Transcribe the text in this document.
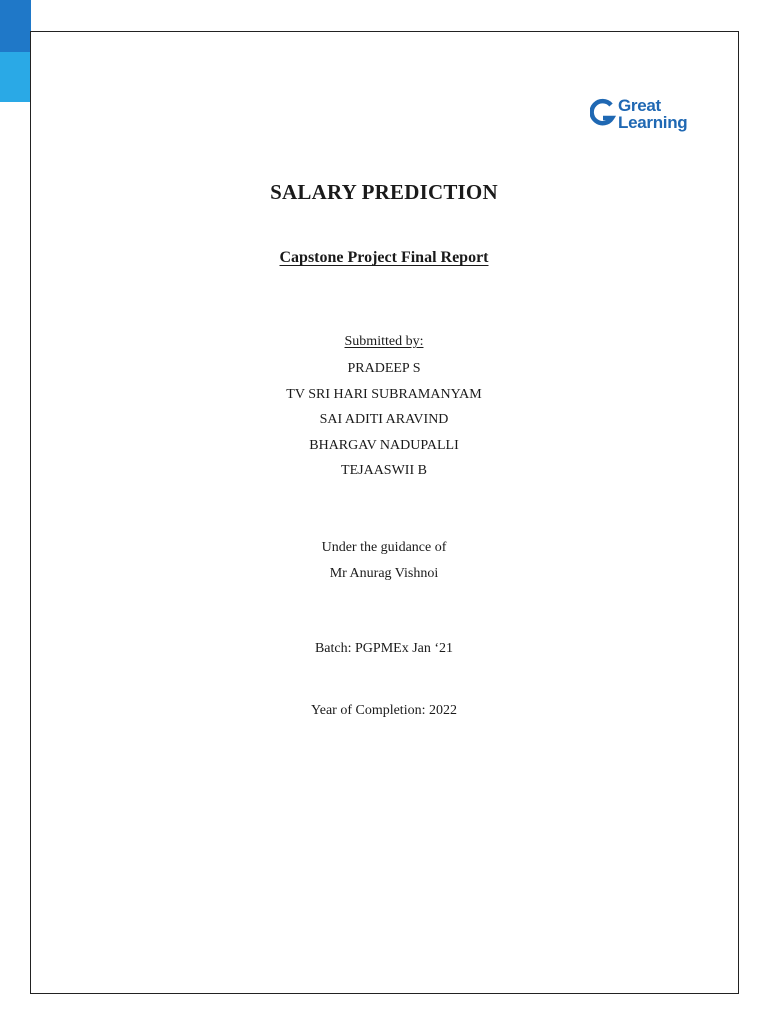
Great
Learning
SALARY PREDICTION
Capstone Project Final Report
Submitted by:
PRADEEP S
TV SRI HARI SUBRAMANYAM
SAI ADITI ARAVIND
BHARGAV NADUPALLI
TEJAASWII B
Under the guidance of
Mr Anurag Vishnoi
Batch: PGPMEx Jan ‘21
Year of Completion: 2022
